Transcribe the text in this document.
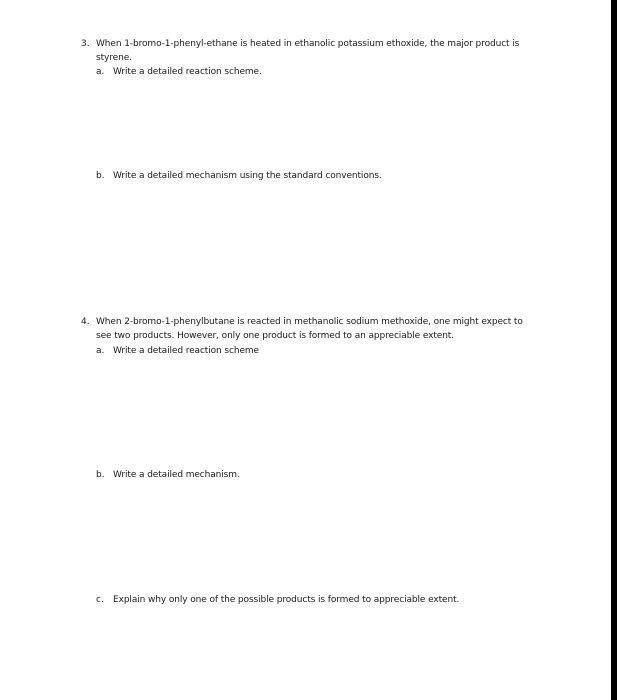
3. When 1-bromo-1-phenyl-ethane is heated in ethanolic potassium ethoxide, the major product is
styrene.
a. Write a detailed reaction scheme.
b. Write a detailed mechanism using the standard conventions.
4. When 2-bromo-1-phenylbutane is reacted in methanolic sodium methoxide, one might expect to
see two products. However, only one product is formed to an appreciable extent.
a. Write a detailed reaction scheme
b. Write a detailed mechanism.
c. Explain why only one of the possible products is formed to appreciable extent.
